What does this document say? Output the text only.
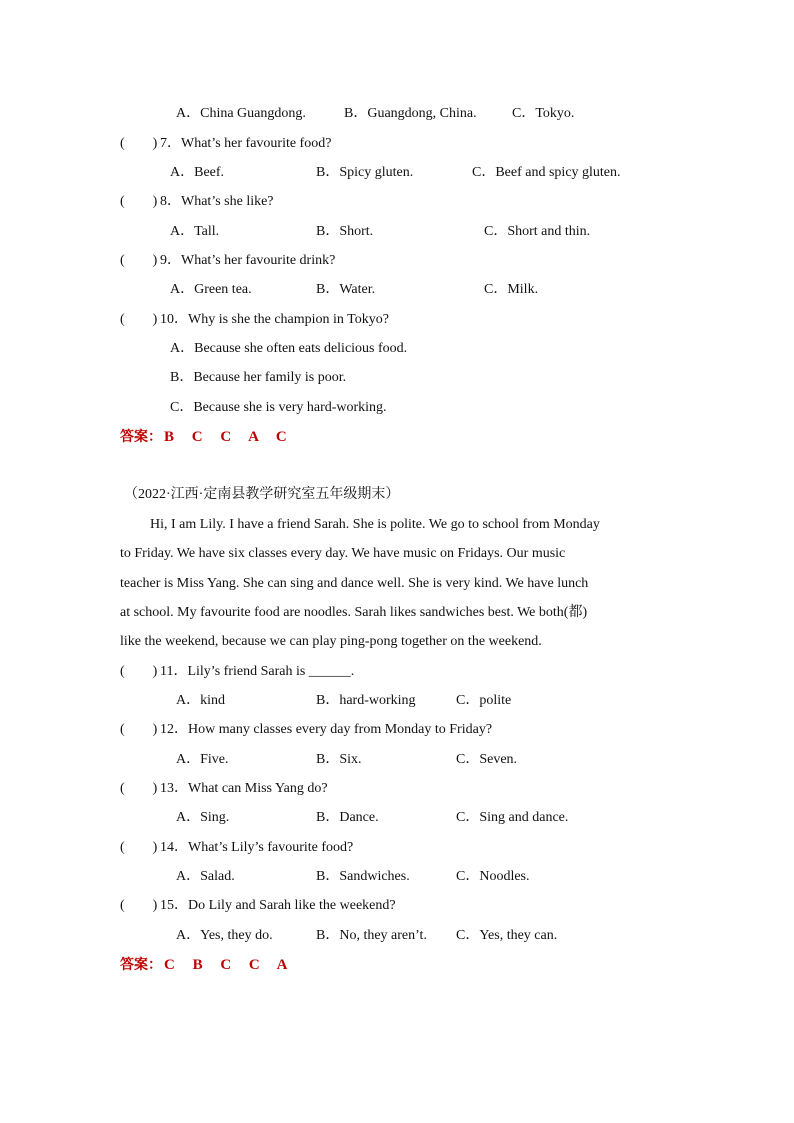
A．China Guangdong.	B．Guangdong, China.	C．Tokyo.
(　　) 7．What’s her favourite food?
A．Beef.	B．Spicy gluten.	C．Beef and spicy gluten.
(　　) 8．What’s she like?
A．Tall.	B．Short.	C．Short and thin.
(　　) 9．What’s her favourite drink?
A．Green tea.	B．Water.	C．Milk.
(　　) 10．Why is she the champion in Tokyo?
A．Because she often eats delicious food.
B．Because her family is poor.
C．Because she is very hard-working.
答案： B C C A C
（2022·江西·定南县教学研究室五年级期末）
Hi, I am Lily. I have a friend Sarah. She is polite. We go to school from Monday
to Friday. We have six classes every day. We have music on Fridays. Our music
teacher is Miss Yang. She can sing and dance well. She is very kind. We have lunch
at school. My favourite food are noodles. Sarah likes sandwiches best. We both(都)
like the weekend, because we can play ping-pong together on the weekend.
(　　) 11．Lily’s friend Sarah is ______.
A．kind	B．hard-working	C．polite
(　　) 12．How many classes every day from Monday to Friday?
A．Five.	B．Six.	C．Seven.
(　　) 13．What can Miss Yang do?
A．Sing.	B．Dance.	C．Sing and dance.
(　　) 14．What’s Lily’s favourite food?
A．Salad.	B．Sandwiches.	C．Noodles.
(　　) 15．Do Lily and Sarah like the weekend?
A．Yes, they do.	B．No, they aren’t. C．Yes, they can.
答案： C B C C A
